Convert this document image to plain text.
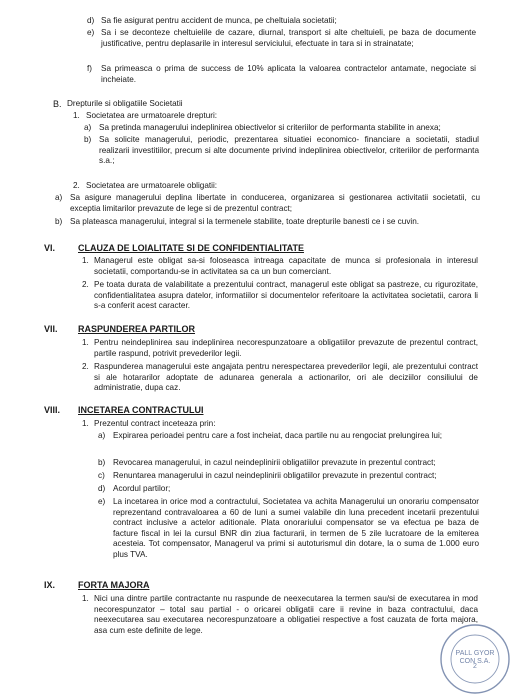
d) Sa fie asigurat pentru accident de munca, pe cheltuiala societatii;

e) Sa i se deconteze cheltuielile de cazare, diurnal, transport si alte cheltuieli, pe baza de documente justificative, pentru deplasarile in interesul serviciului, efectuate in tara si in strainatate;

f) Sa primeasca o prima de success de 10% aplicata la valoarea contractelor antamate, negociate si incheiate.

B. Drepturile si obligatiile Societatii
1. Societatea are urmatoarele drepturi:

a) Sa pretinda managerului indeplinirea obiectivelor si criteriilor de performanta stabilite in anexa;

b) Sa solicite managerului, periodic, prezentarea situatiei economico- financiare a societatii, stadiul realizarii investitiilor, precum si alte documente privind indeplinirea obiectivelor, criteriilor de performanta s.a.;

2. Societatea are urmatoarele obligatii:

a) Sa asigure managerului deplina libertate in conducerea, organizarea si gestionarea activitatii societatii, cu exceptia limitarilor prevazute de lege si de prezentul contract;

b) Sa plateasca managerului, integral si la termenele stabilite, toate drepturile banesti ce i se cuvin.

VI.	CLAUZA DE LOIALITATE SI DE CONFIDENTIALITATE
1. Managerul este obligat sa-si foloseasca intreaga capacitate de munca si profesionala in interesul societatii, comportandu-se in activitatea sa ca un bun comerciant.

2. Pe toata durata de valabilitate a prezentului contract, managerul este obligat sa pastreze, cu rigurozitate, confidentialitatea asupra datelor, informatiilor si documentelor referitoare la activitatea societatii, carora li s-a conferit acest caracter.

VII. RASPUNDEREA PARTILOR
1. Pentru neindeplinirea sau indeplinirea necorespunzatoare a obligatiilor prevazute de prezentul contract, partile raspund, potrivit prevederilor legii.

2. Raspunderea managerului este angajata pentru nerespectarea prevederilor legii, ale prezentului contract si ale hotararilor adoptate de adunarea generala a actionarilor, ori ale deciziilor consiliului de administratie, dupa caz.

VIII. INCETAREA CONTRACTULUI
1. Prezentul contract inceteaza prin:

a) Expirarea perioadei pentru care a fost incheiat, daca partile nu au rengociat prelungirea lui;

b) Revocarea managerului, in cazul neindeplinirii obligatiilor prevazute in prezentul contract;

c) Renuntarea managerului in cazul neindeplinirii obligatiilor prevazute in prezentul contract;

d) Acordul partilor;

e) La incetarea in orice mod a contractului, Societatea va achita Managerului un onorariu compensator reprezentand contravaloarea a 60 de luni a sumei valabile din luna precedent incetarii prezentului contract inclusive a actelor aditionale. Plata onorariului compensator se va efectua pe baza de facture fiscal in lei la cursul BNR din ziua facturarii, in termen de 5 zile lucratoare de la emiterea acesteia. Tot compensator, Managerul va primi si autoturismul din dotare, la o suma de 1.000 euro plus TVA.

IX.	FORTA MAJORA
1. Nici una dintre partile contractante nu raspunde de neexecutarea la termen sau/si de executarea in mod necorespunzator – total sau partial - o oricarei obligatii care ii revine in baza contractului, daca neexecutarea sau executarea necorespunzatoare a obligatiei respective a fost cauzata de forta majora, asa cum este definite de lege.

PALL GYOR CON S.A.
2
